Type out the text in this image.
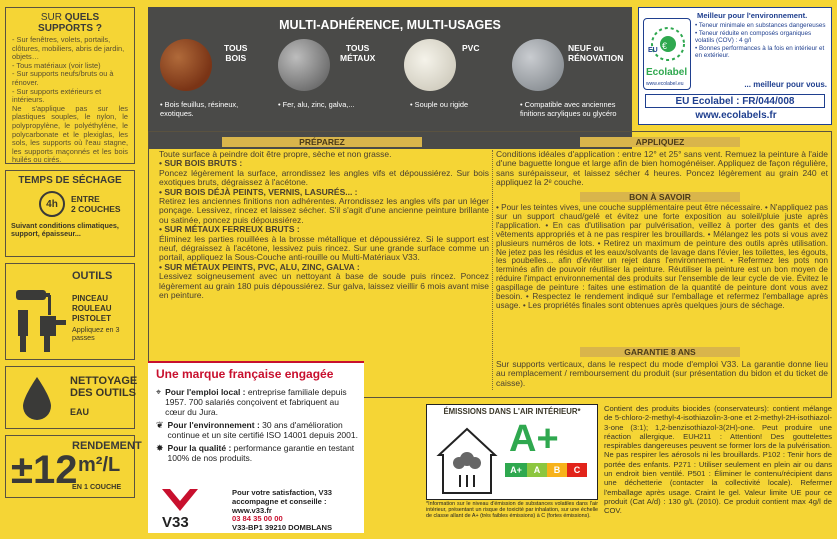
SUR QUELS SUPPORTS ?
- Sur fenêtres, volets, portails, clôtures, mobiliers, abris de jardin, objets…
- Tous matériaux (voir liste)
- Sur supports neufs/bruts ou à rénover.
- Sur supports extérieurs et intérieurs.
Ne s'applique pas sur les plastiques souples, le nylon, le polypropylène, le polyéthylène, le polycarbonate et le plexiglas, les sols, les supports où l'eau stagne, les supports maçonnés et les bois huilés ou cirés.
TEMPS DE SÉCHAGE
4h	ENTRE
2 COUCHES
Suivant conditions climatiques, support, épaisseur...
OUTILS
PINCEAU
ROULEAU
PISTOLET
Appliquez en 3 passes
NETTOYAGE
DES OUTILS
EAU
RENDEMENT
±12 m²/L
EN 1 COUCHE
MULTI-ADHÉRENCE, MULTI-USAGES
TOUS
BOIS
• Bois feuillus, résineux, exotiques.
TOUS
MÉTAUX
• Fer, alu, zinc, galva,...
PVC
• Souple ou rigide
NEUF ou
RÉNOVATION
• Compatible avec anciennes finitions acryliques ou glycéro
Meilleur pour l'environnement.
€
EU
Ecolabel
www.ecolabel.eu
• Teneur minimale en substances dangereuses
• Teneur réduite en composés organiques volatils (COV) : 4 g/l
• Bonnes performances à la fois en intérieur et en extérieur.
... meilleur pour vous.
EU Ecolabel : FR/044/008
www.ecolabels.fr
PRÉPAREZ
Toute surface à peindre doit être propre, sèche et non grasse.
• SUR BOIS BRUTS :
Poncez légèrement la surface, arrondissez les angles vifs et dépoussiérez. Sur bois exotiques bruts, dégraissez à l'acétone.
• SUR BOIS DÉJÀ PEINTS, VERNIS, LASURÉS... :
Retirez les anciennes finitions non adhérentes. Arrondissez les angles vifs par un léger ponçage. Lessivez, rincez et laissez sécher. S'il s'agit d'une ancienne peinture brillante ou satinée, poncez puis dépoussiérez.
• SUR MÉTAUX FERREUX BRUTS :
Éliminez les parties rouillées à la brosse métallique et dépoussiérez. Si le support est neuf, dégraissez à l'acétone, lessivez puis rincez. Sur une grande surface comme un portail, appliquez la Sous-Couche anti-rouille ou Multi-Matériaux V33.
• SUR MÉTAUX PEINTS, PVC, ALU, ZINC, GALVA :
Lessivez soigneusement avec un nettoyant à base de soude puis rincez. Poncez légèrement au grain 180 puis dépoussiérez. Sur galva, laissez vieillir 6 mois avant mise en peinture.
APPLIQUEZ
Conditions idéales d'application : entre 12° et 25° sans vent. Remuez la peinture à l'aide d'une baguette longue et large afin de bien homogénéiser. Appliquez de façon régulière, sans surépaisseur, et laissez sécher 4 heures. Poncez légèrement au grain 240 et appliquez la 2ᵉ couche.
BON À SAVOIR
• Pour les teintes vives, une couche supplémentaire peut être nécessaire. • N'appliquez pas sur un support chaud/gelé et évitez une forte exposition au soleil/pluie juste après l'application. • En cas d'utilisation par pulvérisation, veillez à porter des gants et des vêtements appropriés et à ne pas respirer les brouillards. • Mélangez les pots si vous avez plusieurs numéros de lots. • Retirez un maximum de peinture des outils après utilisation. Ne jetez pas les résidus et les eaux/solvants de lavage dans l'évier, les toilettes, les égouts, les poubelles... afin d'éviter un rejet dans l'environnement. • Refermez les pots non terminés afin de pouvoir réutiliser la peinture. Réutiliser la peinture est un bon moyen de réduire l'impact environnemental des produits sur l'ensemble de leur cycle de vie. Évitez le gaspillage de peinture : faites une estimation de la quantité de peinture dont vous avez besoin. • Respectez le rendement indiqué sur l'emballage et refermez l'emballage après usage. • Les propriétés finales sont obtenues après quelques jours de séchage.
GARANTIE 8 ANS
Sur supports verticaux, dans le respect du mode d'emploi V33. La garantie donne lieu au remplacement / remboursement du produit (sur présentation du bidon et du ticket de caisse).
Une marque française engagée
⌖ Pour l'emploi local : entreprise familiale depuis 1957. 700 salariés conçoivent et fabriquent au cœur du Jura.
❦ Pour l'environnement : 30 ans d'amélioration continue et un site certifié ISO 14001 depuis 2001.
✸ Pour la qualité : performance garantie en testant 100% de nos produits.
V33
Pour votre satisfaction, V33 accompagne et conseille :
www.v33.fr
03 84 35 00 00
V33-BP1 39210 DOMBLANS
ÉMISSIONS DANS L'AIR INTÉRIEUR*
A+
A+	A	B	C
*Information sur le niveau d'émission de substances volatiles dans l'air intérieur, présentant un risque de toxicité par inhalation, sur une échelle de classe allant de A+ (très faibles émissions) à C (fortes émissions).
Contient des produits biocides (conservateurs): contient mélange de 5-chloro-2-methyl-4-isothiazolin-3-one et 2-methyl-2H-isothiazol-3-one (3:1); 1,2-benzisothiazol-3(2H)-one. Peut produire une réaction allergique. EUH211 : Attention! Des gouttelettes respirables dangereuses peuvent se former lors de la pulvérisation. Ne pas respirer les aérosols ni les brouillards. P102 : Tenir hors de portée des enfants. P271 : Utiliser seulement en plein air ou dans un endroit bien ventilé. P501 : Éliminer le contenu/récipient dans une déchetterie (contacter la collectivité locale). Refermer l'emballage après usage. Craint le gel. Valeur limite UE pour ce produit (Cat A/d) : 130 g/L (2010). Ce produit contient max 4g/l de COV.
